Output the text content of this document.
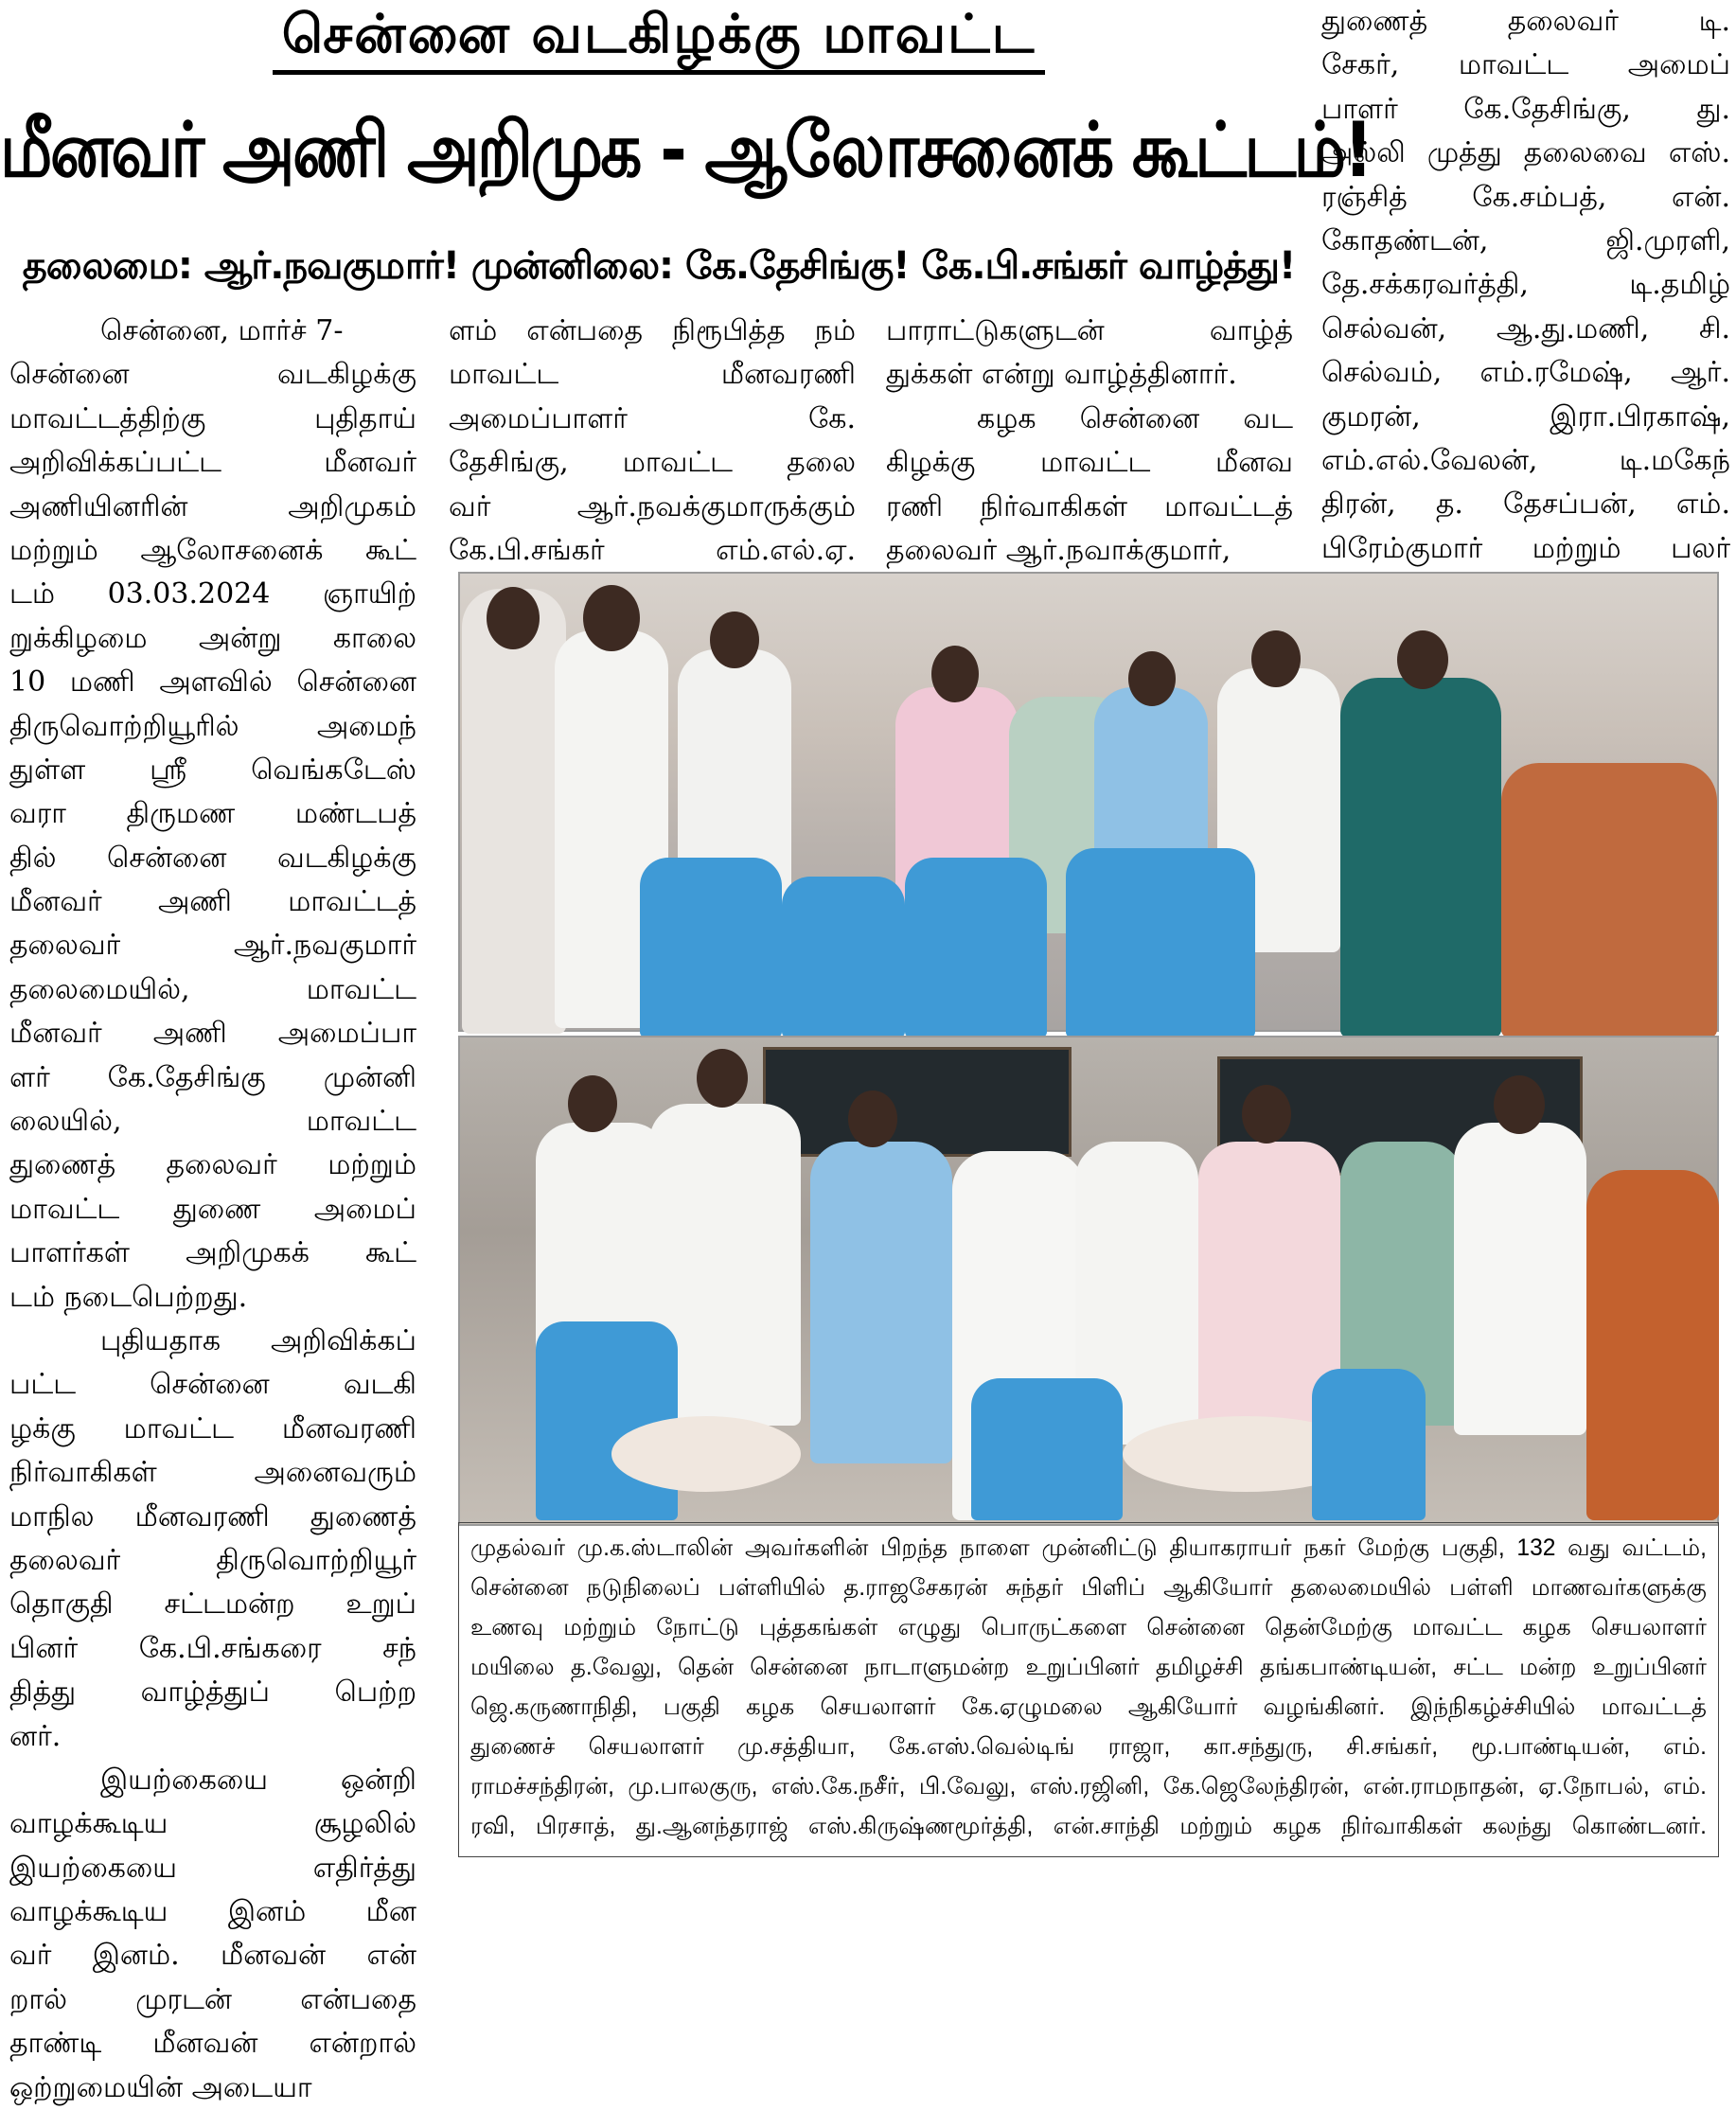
சென்னை வடகிழக்கு மாவட்ட
மீனவர் அணி அறிமுக - ஆலோசனைக் கூட்டம்!
தலைமை: ஆர்.நவகுமார்! முன்னிலை: கே.தேசிங்கு! கே.பி.சங்கர் வாழ்த்து!
சென்னை, மார்ச் 7-
சென்னை வடகிழக்கு
மாவட்டத்திற்கு புதிதாய்
அறிவிக்கப்பட்ட மீனவர்
அணியினரின் அறிமுகம்
மற்றும் ஆலோசனைக் கூட்
டம் 03.03.2024 ஞாயிற்
றுக்கிழமை அன்று காலை
10 மணி அளவில் சென்னை
திருவொற்றியூரில் அமைந்
துள்ள ஸ்ரீ வெங்கடேஸ்
வரா திருமண மண்டபத்
தில் சென்னை வடகிழக்கு
மீனவர் அணி மாவட்டத்
தலைவர் ஆர்.நவகுமார்
தலைமையில், மாவட்ட
மீனவர் அணி அமைப்பா
ளர் கே.தேசிங்கு முன்னி
லையில், மாவட்ட
துணைத் தலைவர் மற்றும்
மாவட்ட துணை அமைப்
பாளர்கள் அறிமுகக் கூட்
டம் நடைபெற்றது.
புதியதாக அறிவிக்கப்
பட்ட சென்னை வடகி
ழக்கு மாவட்ட மீனவரணி
நிர்வாகிகள் அனைவரும்
மாநில மீனவரணி துணைத்
தலைவர் திருவொற்றியூர்
தொகுதி சட்டமன்ற உறுப்
பினர் கே.பி.சங்கரை சந்
தித்து வாழ்த்துப் பெற்ற
னர்.
இயற்கையை ஒன்றி
வாழக்கூடிய சூழலில்
இயற்கையை எதிர்த்து
வாழக்கூடிய இனம் மீன
வர் இனம். மீனவன் என்
றால் முரடன் என்பதை
தாண்டி மீனவன் என்றால்
ஒற்றுமையின் அடையா
ளம் என்பதை நிரூபித்த நம்
மாவட்ட மீனவரணி
அமைப்பாளர் கே.
தேசிங்கு, மாவட்ட தலை
வர் ஆர்.நவக்குமாருக்கும்
கே.பி.சங்கர் எம்.எல்.ஏ.
பாராட்டுகளுடன் வாழ்த்
துக்கள் என்று வாழ்த்தினார்.
கழக சென்னை வட
கிழக்கு மாவட்ட மீனவ
ரணி நிர்வாகிகள் மாவட்டத்
தலைவர் ஆர்.நவாக்குமார்,
துணைத் தலைவர் டி.
சேகர், மாவட்ட அமைப்
பாளர் கே.தேசிங்கு, து.
அல்லி முத்து தலைவை எஸ்.
ரஞ்சித் கே.சம்பத், என்.
கோதண்டன், ஜி.முரளி,
தே.சக்கரவர்த்தி, டி.தமிழ்
செல்வன், ஆ.து.மணி, சி.
செல்வம், எம்.ரமேஷ், ஆர்.
குமரன், இரா.பிரகாஷ்,
எம்.எல்.வேலன், டி.மகேந்
திரன், த. தேசப்பன், எம்.
பிரேம்குமார் மற்றும் பலர்
முதல்வர் மு.க.ஸ்டாலின் அவர்களின் பிறந்த நாளை முன்னிட்டு தியாகராயர் நகர் மேற்கு பகுதி, 132 வது வட்டம்,
சென்னை நடுநிலைப் பள்ளியில் த.ராஜசேகரன் சுந்தர் பிளிப் ஆகியோர் தலைமையில் பள்ளி மாணவர்களுக்கு
உணவு மற்றும் நோட்டு புத்தகங்கள் எழுது பொருட்களை சென்னை தென்மேற்கு மாவட்ட கழக செயலாளர்
மயிலை த.வேலு, தென் சென்னை நாடாளுமன்ற உறுப்பினர் தமிழச்சி தங்கபாண்டியன், சட்ட மன்ற உறுப்பினர்
ஜெ.கருணாநிதி, பகுதி கழக செயலாளர் கே.ஏழுமலை ஆகியோர் வழங்கினர். இந்நிகழ்ச்சியில் மாவட்டத்
துணைச் செயலாளர் மு.சத்தியா, கே.எஸ்.வெல்டிங் ராஜா, கா.சந்துரு, சி.சங்கர், மூ.பாண்டியன், எம்.
ராமச்சந்திரன், மு.பாலகுரு, எஸ்.கே.நசீர், பி.வேலு, எஸ்.ரஜினி, கே.ஜெலேந்திரன், என்.ராமநாதன், ஏ.நோபல், எம்.
ரவி, பிரசாத், து.ஆனந்தராஜ் எஸ்.கிருஷ்ணமூர்த்தி, என்.சாந்தி மற்றும் கழக நிர்வாகிகள் கலந்து கொண்டனர்.
